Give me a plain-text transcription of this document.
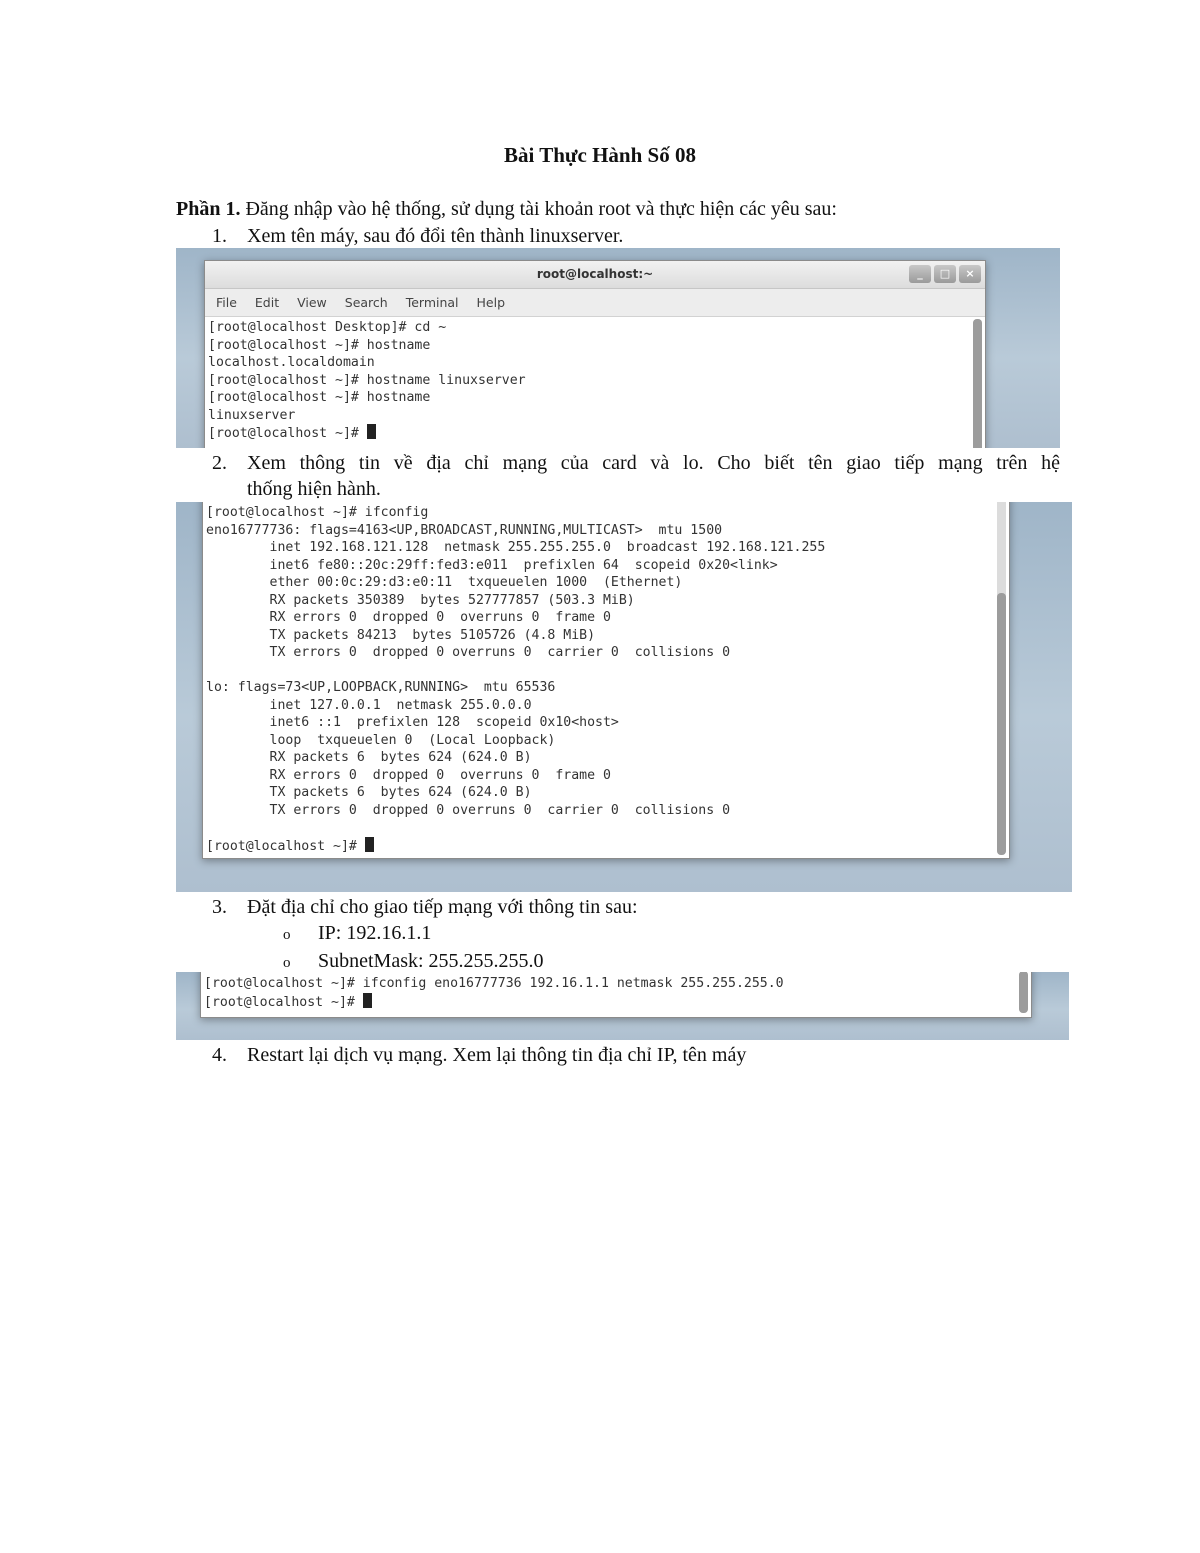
Bài Thực Hành Số 08
Phần 1. Đăng nhập vào hệ thống, sử dụng tài khoản root và thực hiện các yêu sau:
1. Xem tên máy, sau đó đổi tên thành linuxserver.
root@localhost:~	_	□	×
File Edit View Search Terminal Help
[root@localhost Desktop]# cd ~
[root@localhost ~]# hostname
localhost.localdomain
[root@localhost ~]# hostname linuxserver
[root@localhost ~]# hostname
linuxserver
[root@localhost ~]#
2. Xem thông tin về địa chỉ mạng của card và lo. Cho biết tên giao tiếp mạng trên hệ
thống hiện hành.
[root@localhost ~]# ifconfig
eno16777736: flags=4163<UP,BROADCAST,RUNNING,MULTICAST>  mtu 1500
inet 192.168.121.128  netmask 255.255.255.0  broadcast 192.168.121.255
inet6 fe80::20c:29ff:fed3:e011  prefixlen 64  scopeid 0x20<link>
ether 00:0c:29:d3:e0:11  txqueuelen 1000  (Ethernet)
RX packets 350389  bytes 527777857 (503.3 MiB)
RX errors 0  dropped 0  overruns 0  frame 0
TX packets 84213  bytes 5105726 (4.8 MiB)
TX errors 0  dropped 0 overruns 0  carrier 0  collisions 0

lo: flags=73<UP,LOOPBACK,RUNNING>  mtu 65536
inet 127.0.0.1  netmask 255.0.0.0
inet6 ::1  prefixlen 128  scopeid 0x10<host>
loop  txqueuelen 0  (Local Loopback)
RX packets 6  bytes 624 (624.0 B)
RX errors 0  dropped 0  overruns 0  frame 0
TX packets 6  bytes 624 (624.0 B)
TX errors 0  dropped 0 overruns 0  carrier 0  collisions 0

[root@localhost ~]#
3. Đặt địa chỉ cho giao tiếp mạng với thông tin sau:
o IP: 192.16.1.1
o SubnetMask: 255.255.255.0
[root@localhost ~]# ifconfig eno16777736 192.16.1.1 netmask 255.255.255.0
[root@localhost ~]#
4. Restart lại dịch vụ mạng. Xem lại thông tin địa chỉ IP, tên máy
